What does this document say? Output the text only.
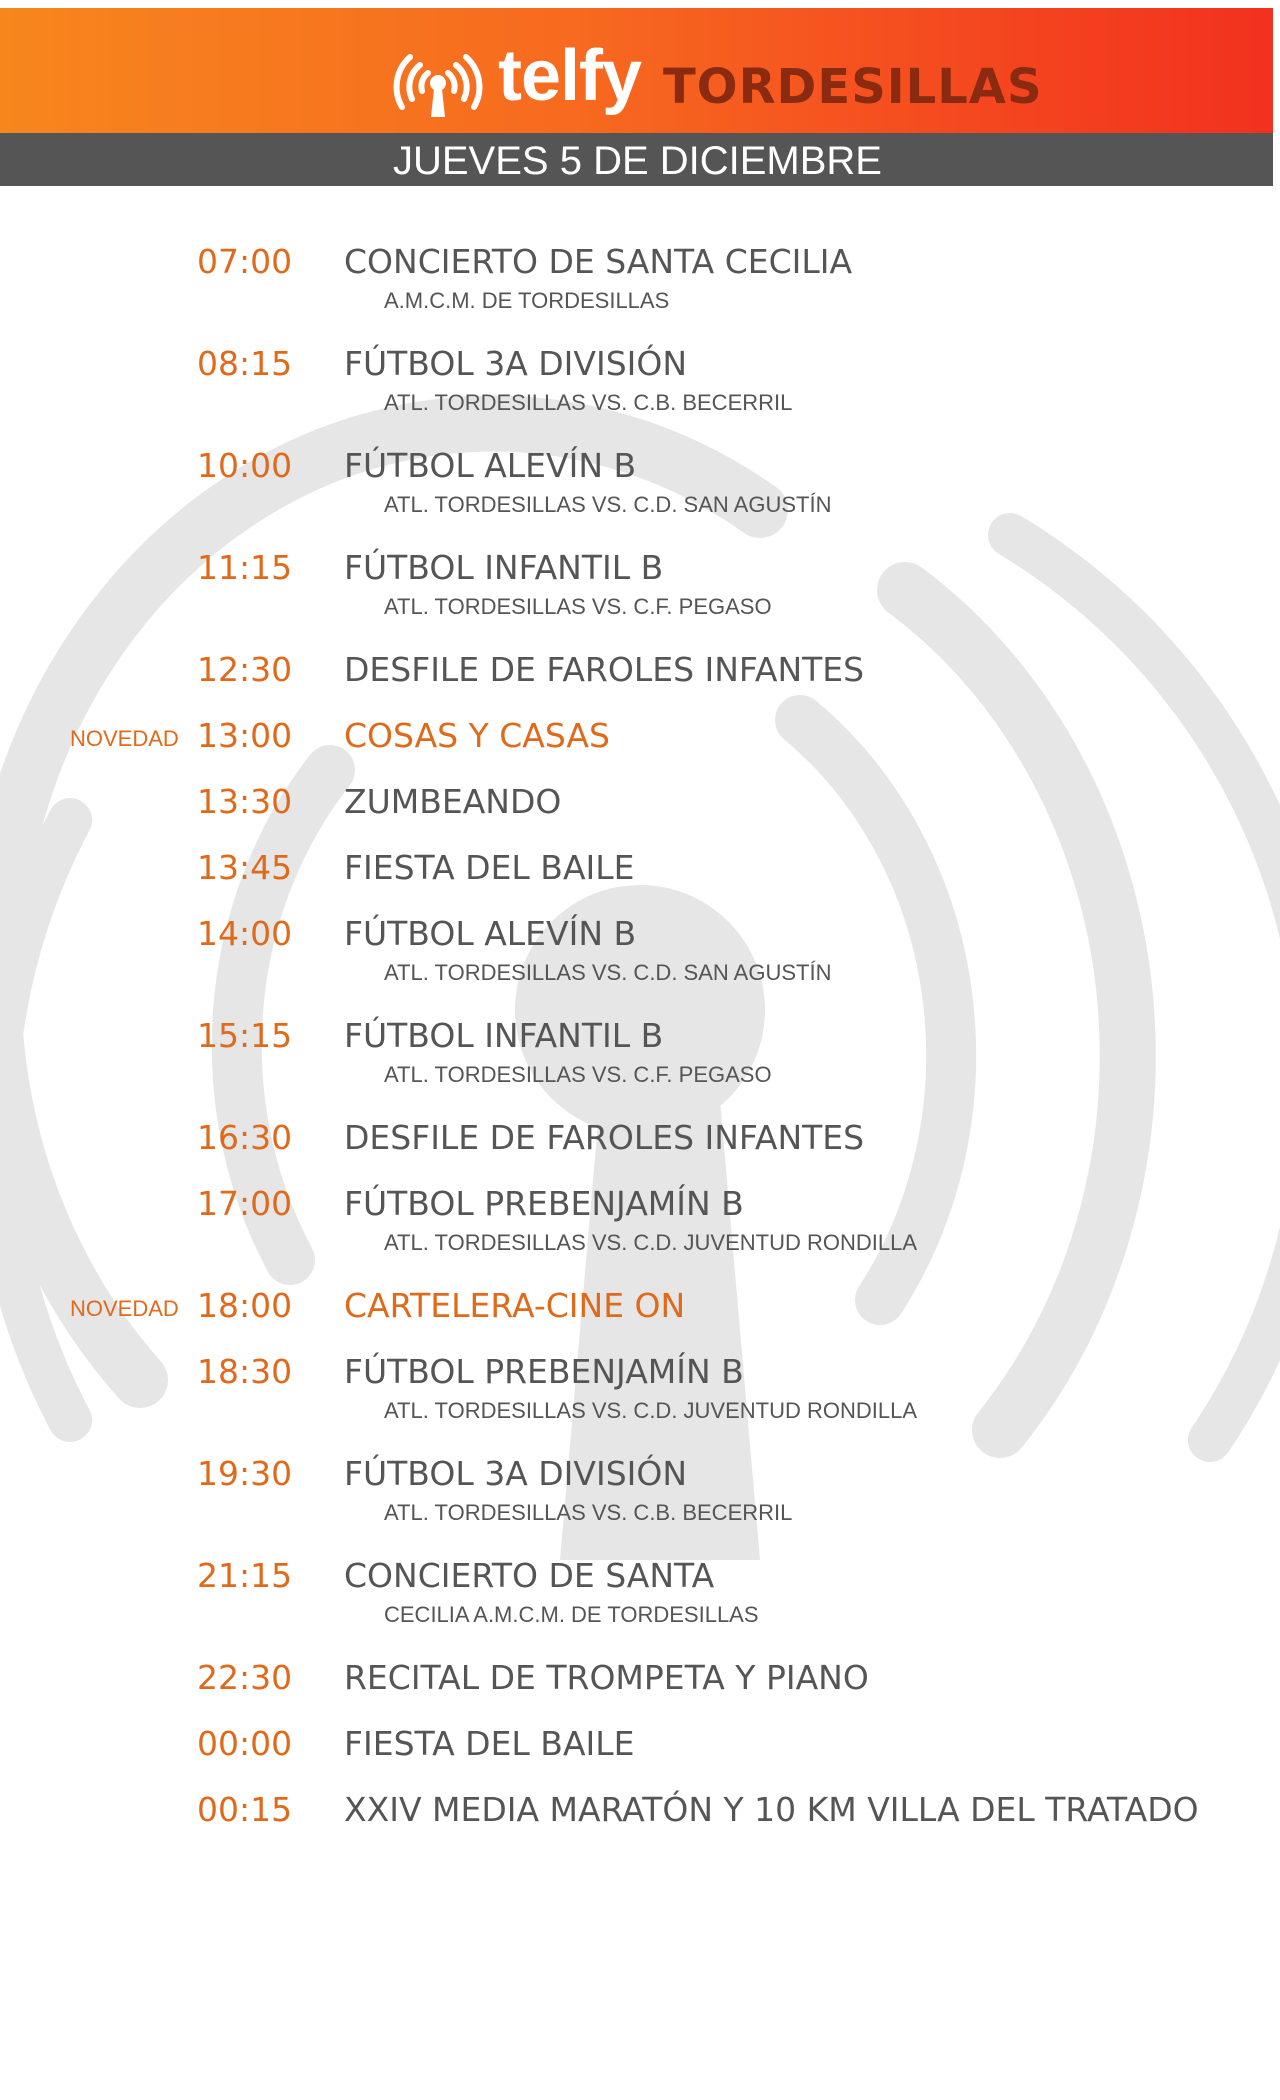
telfy TORDESILLAS
JUEVES 5 DE DICIEMBRE
07:00 CONCIERTO DE SANTA CECILIA
A.M.C.M. DE TORDESILLAS
08:15 FÚTBOL 3A DIVISIÓN
ATL. TORDESILLAS VS. C.B. BECERRIL
10:00 FÚTBOL ALEVÍN B
ATL. TORDESILLAS VS. C.D. SAN AGUSTÍN
11:15 FÚTBOL INFANTIL B
ATL. TORDESILLAS VS. C.F. PEGASO
12:30 DESFILE DE FAROLES INFANTES
NOVEDAD 13:00 COSAS Y CASAS
13:30 ZUMBEANDO
13:45 FIESTA DEL BAILE
14:00 FÚTBOL ALEVÍN B
ATL. TORDESILLAS VS. C.D. SAN AGUSTÍN
15:15 FÚTBOL INFANTIL B
ATL. TORDESILLAS VS. C.F. PEGASO
16:30 DESFILE DE FAROLES INFANTES
17:00 FÚTBOL PREBENJAMÍN B
ATL. TORDESILLAS VS. C.D. JUVENTUD RONDILLA
NOVEDAD 18:00 CARTELERA-CINE ON
18:30 FÚTBOL PREBENJAMÍN B
ATL. TORDESILLAS VS. C.D. JUVENTUD RONDILLA
19:30 FÚTBOL 3A DIVISIÓN
ATL. TORDESILLAS VS. C.B. BECERRIL
21:15 CONCIERTO DE SANTA
CECILIA A.M.C.M. DE TORDESILLAS
22:30 RECITAL DE TROMPETA Y PIANO
00:00 FIESTA DEL BAILE
00:15 XXIV MEDIA MARATÓN Y 10 KM VILLA DEL TRATADO
